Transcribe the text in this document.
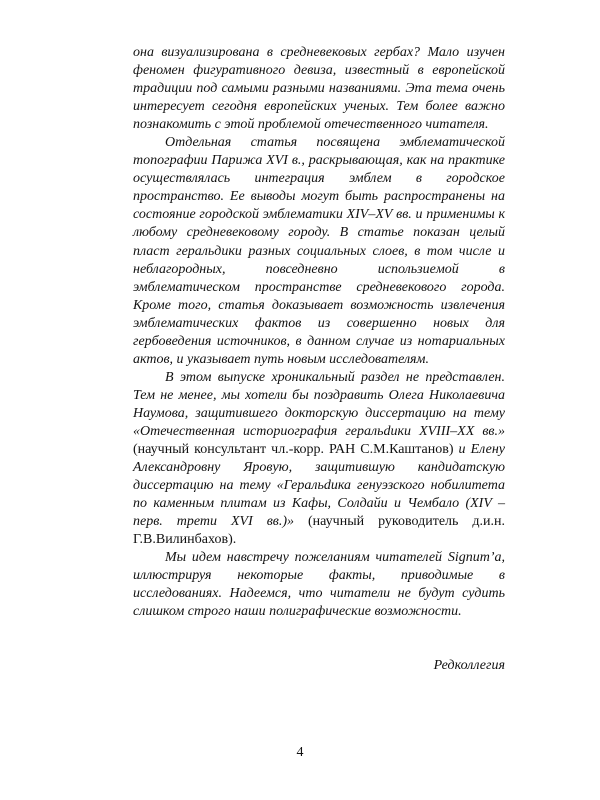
она визуализирована в средневековых гербах? Мало изучен феномен фигуративного девиза, известный в европейской традиции под самыми разными названиями. Эта тема очень интересует сегодня европейских ученых. Тем более важно познакомить с этой проблемой отечественного читателя.

Отдельная статья посвящена эмблематической топографии Парижа XVI в., раскрывающая, как на практике осуществлялась интеграция эмблем в городское пространство. Ее выводы могут быть распространены на состояние городской эмблематики XIV–XV вв. и применимы к любому средневековому городу. В статье показан целый пласт геральдики разных социальных слоев, в том числе и неблагородных, повседневно использueмой в эмблематическом пространстве средневекового города. Кроме того, статья доказывает возможность извлечения эмблематических фактов из совершенно новых для гербоведения источников, в данном случае из нотариальных актов, и указывает путь новым исследователям.

В этом выпуске хроникальный раздел не представлен. Тем не менее, мы хотели бы поздравить Олега Николаевича Наумова, защитившего докторскую диссертацию на тему «Отечественная историография геральdики XVIII–XX вв.» (научный консультант чл.-корр. РАН С.М.Каштанов) и Елену Александровну Яровую, защитившую кандидатскую диссертацию на тему «Геральdика генуэзского нобилитета по каменным плитам из Кафы, Солдайи и Чембало (XIV – перв. трети XVI вв.)» (научный руководитель д.и.н. Г.В.Вилинбахов).

Мы идем навстречу пожеланиям читателей Signum’a, иллюстрируя некоторые факты, приводимые в исследованиях. Надеемся, что читатели не будут судить слишком строго наши полиграфические возможности.

Редколлегия
4
